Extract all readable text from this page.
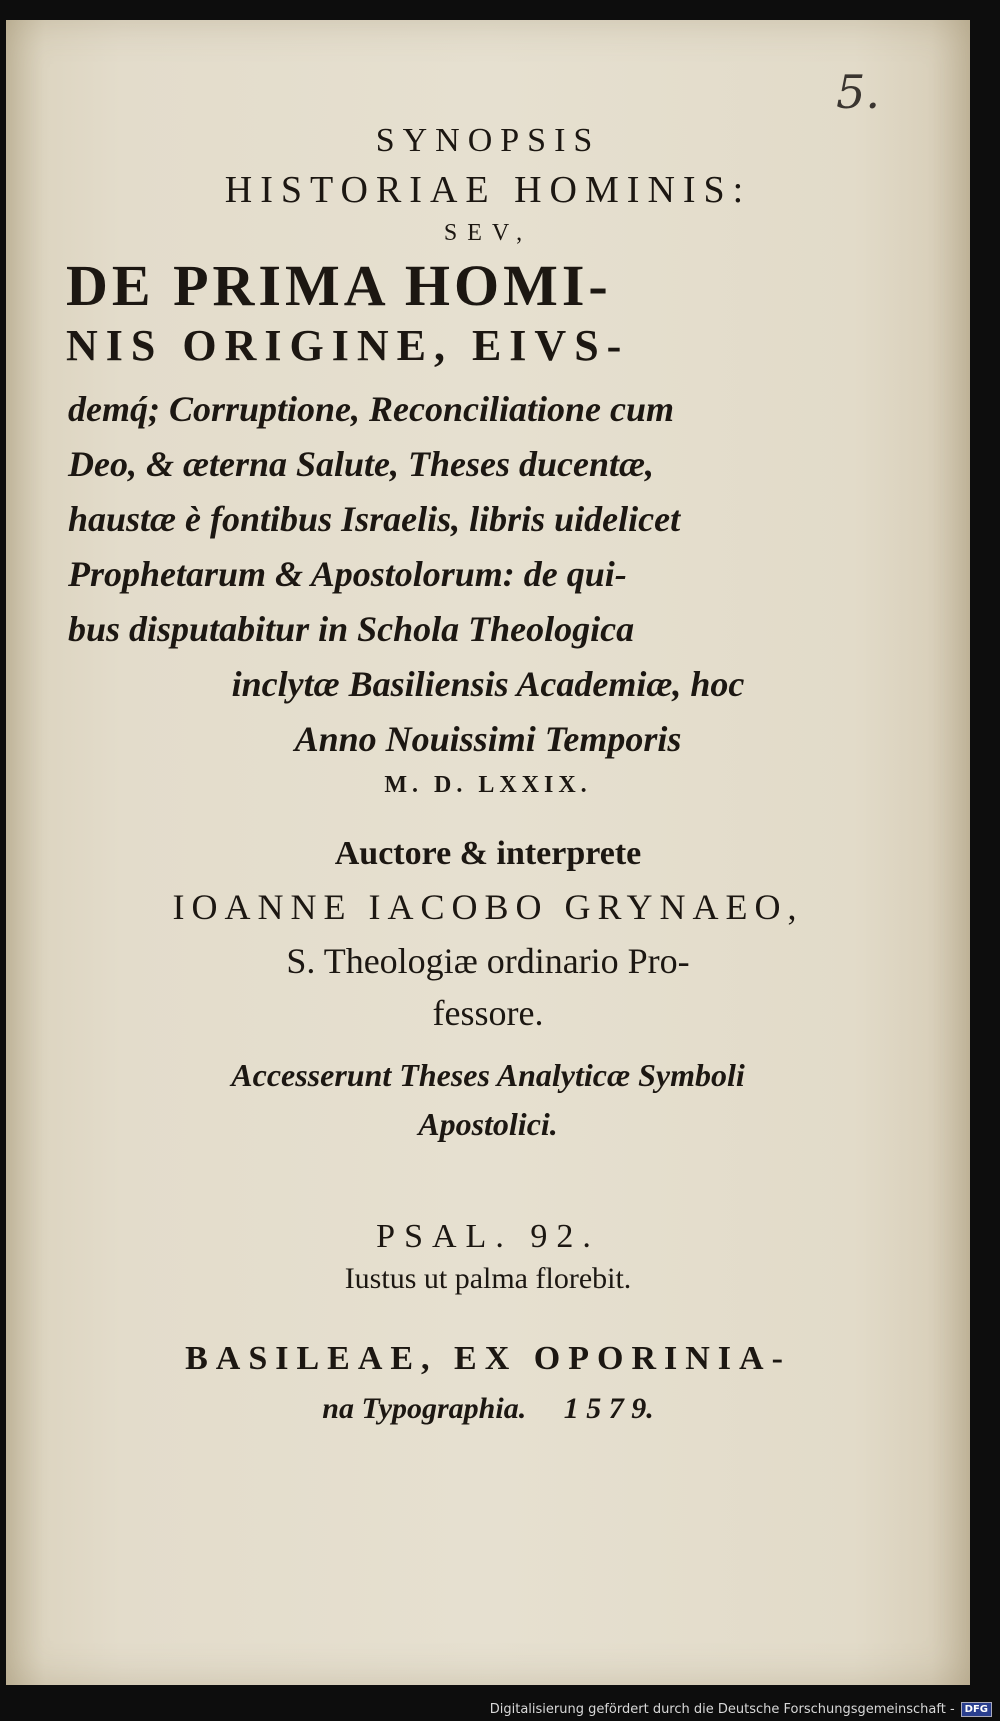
5.
SYNOPSIS
HISTORIAE HOMINIS:
SEV,
DE PRIMA HOMI-
NIS ORIGINE, EIVS-
demq́; Corruptione, Reconciliatione cum
Deo, & æterna Salute, Theses ducentæ,
haustæ è fontibus Israelis, libris uidelicet
Prophetarum & Apostolorum: de qui-
bus disputabitur in Schola Theologica
inclytæ Basiliensis Academiæ, hoc
Anno Nouissimi Temporis
M. D. LXXIX.
Auctore & interprete
IOANNE IACOBO GRYNAEO,
S. Theologiæ ordinario Pro-
fessore.
Accesserunt Theses Analyticæ Symboli
Apostolici.
PSAL. 92.
Iustus ut palma florebit.
BASILEAE, EX OPORINIA-
na Typographia.     1 5 7 9.
Digitalisierung gefördert durch die Deutsche Forschungsgemeinschaft -	DFG
